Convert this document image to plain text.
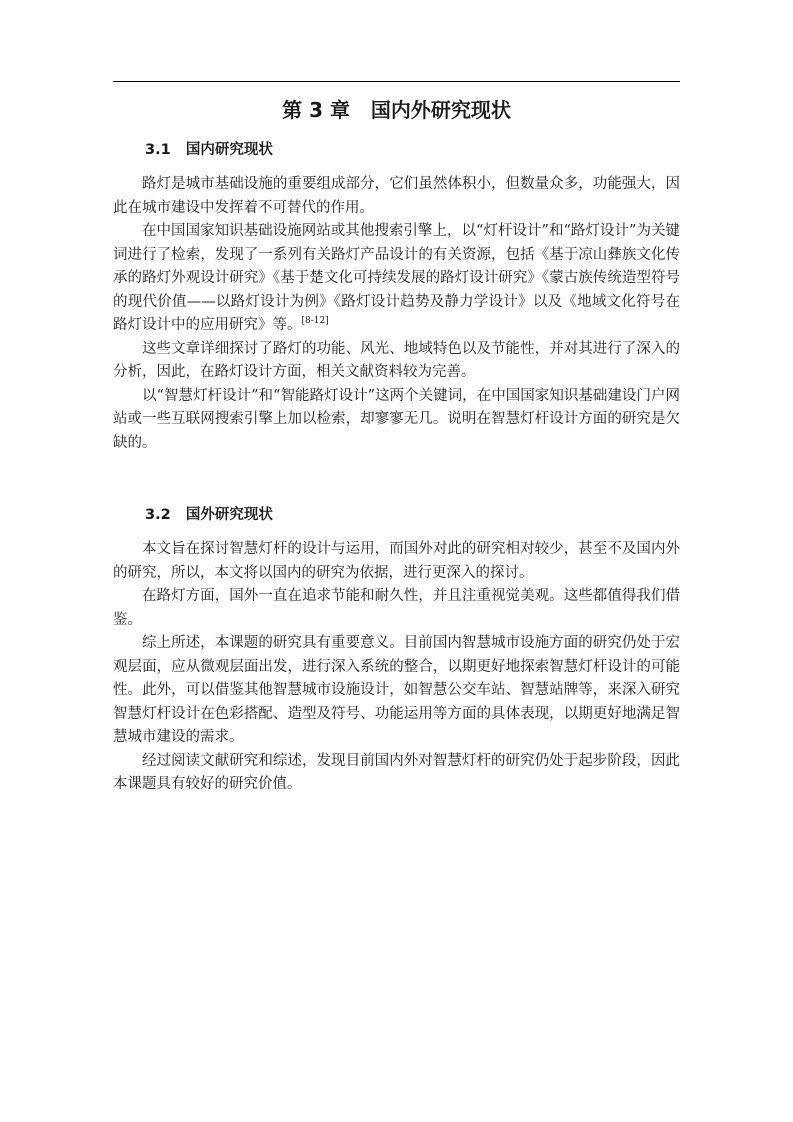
第 3 章   国内外研究现状
3.1   国内研究现状

路灯是城市基础设施的重要组成部分，它们虽然体积小，但数量众多，功能强大，因此在城市建设中发挥着不可替代的作用。

在中国国家知识基础设施网站或其他搜索引擎上，以“灯杆设计”和“路灯设计”为关键词进行了检索，发现了一系列有关路灯产品设计的有关资源，包括《基于凉山彝族文化传承的路灯外观设计研究》《基于楚文化可持续发展的路灯设计研究》《蒙古族传统造型符号的现代价值——以路灯设计为例》《路灯设计趋势及静力学设计》以及《地域文化符号在路灯设计中的应用研究》等。[8-12]

这些文章详细探讨了路灯的功能、风光、地域特色以及节能性，并对其进行了深入的分析，因此，在路灯设计方面，相关文献资料较为完善。

以“智慧灯杆设计”和“智能路灯设计”这两个关键词，在中国国家知识基础建设门户网站或一些互联网搜索引擎上加以检索，却寥寥无几。说明在智慧灯杆设计方面的研究是欠缺的。

3.2   国外研究现状

本文旨在探讨智慧灯杆的设计与运用，而国外对此的研究相对较少，甚至不及国内外的研究，所以，本文将以国内的研究为依据，进行更深入的探讨。

在路灯方面，国外一直在追求节能和耐久性，并且注重视觉美观。这些都值得我们借鉴。

综上所述，本课题的研究具有重要意义。目前国内智慧城市设施方面的研究仍处于宏观层面，应从微观层面出发，进行深入系统的整合，以期更好地探索智慧灯杆设计的可能性。此外，可以借鉴其他智慧城市设施设计，如智慧公交车站、智慧站牌等，来深入研究智慧灯杆设计在色彩搭配、造型及符号、功能运用等方面的具体表现，以期更好地满足智慧城市建设的需求。

经过阅读文献研究和综述，发现目前国内外对智慧灯杆的研究仍处于起步阶段，因此本课题具有较好的研究价值。
